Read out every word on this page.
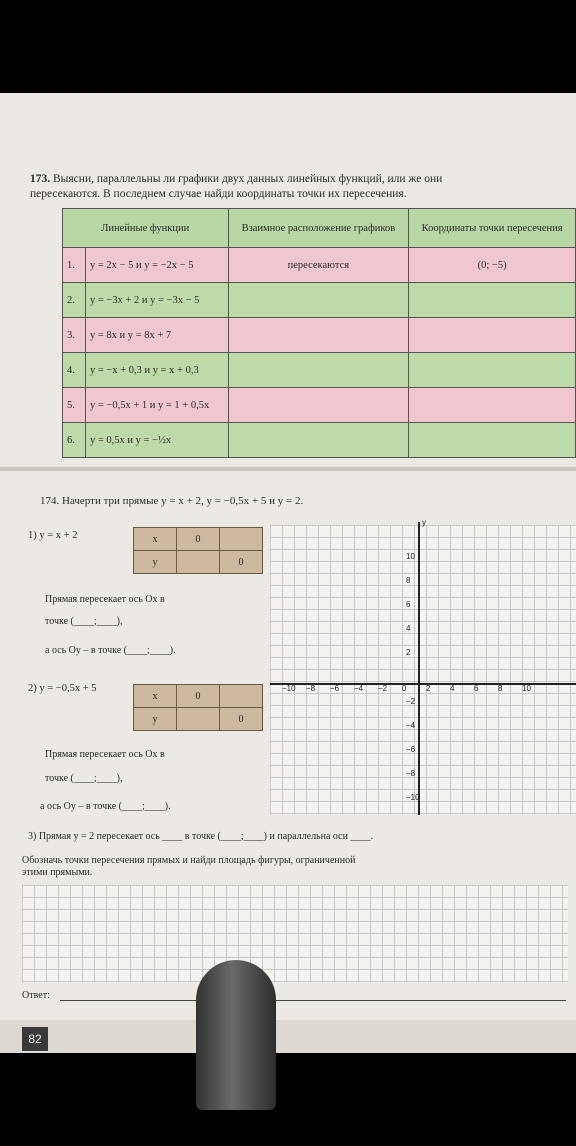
173. Выясни, параллельны ли графики двух данных линейных функций, или же они
пересекаются. В последнем случае найди координаты точки их пересечения.
Линейные функции		Взаимное расположение графиков	Координаты точки пересечения
1.	y = 2x − 5 и y = −2x − 5	пересекаются	(0; −5)
2.	y = −3x + 2 и y = −3x − 5		
3.	y = 8x и y = 8x + 7		
4.	y = −x + 0,3 и y = x + 0,3		
5.	y = −0,5x + 1 и y = 1 + 0,5x		
6.	y = 0,5x и y = −½x		
174. Начерти три прямые y = x + 2, y = −0,5x + 5 и y = 2.
1) y = x + 2	x	0	
y		0
Прямая пересекает ось Ox в
точке (____;____),
а ось Oy – в точке (____;____).
2) y = −0,5x + 5
x	0	
y		0
Прямая пересекает ось Ox в
точке (____;____),
а ось Oy – в точке (____;____).
y
−10 −8 −6 −4 −2 0 2 4 6 8 10
10
8
6
4
2
−2
−4
−6
−8
−10
3) Прямая y = 2 пересекает ось ____ в точке (____;____) и параллельна оси ____.
Обозначь точки пересечения прямых и найди площадь фигуры, ограниченной
этими прямыми.
Ответ:
82
